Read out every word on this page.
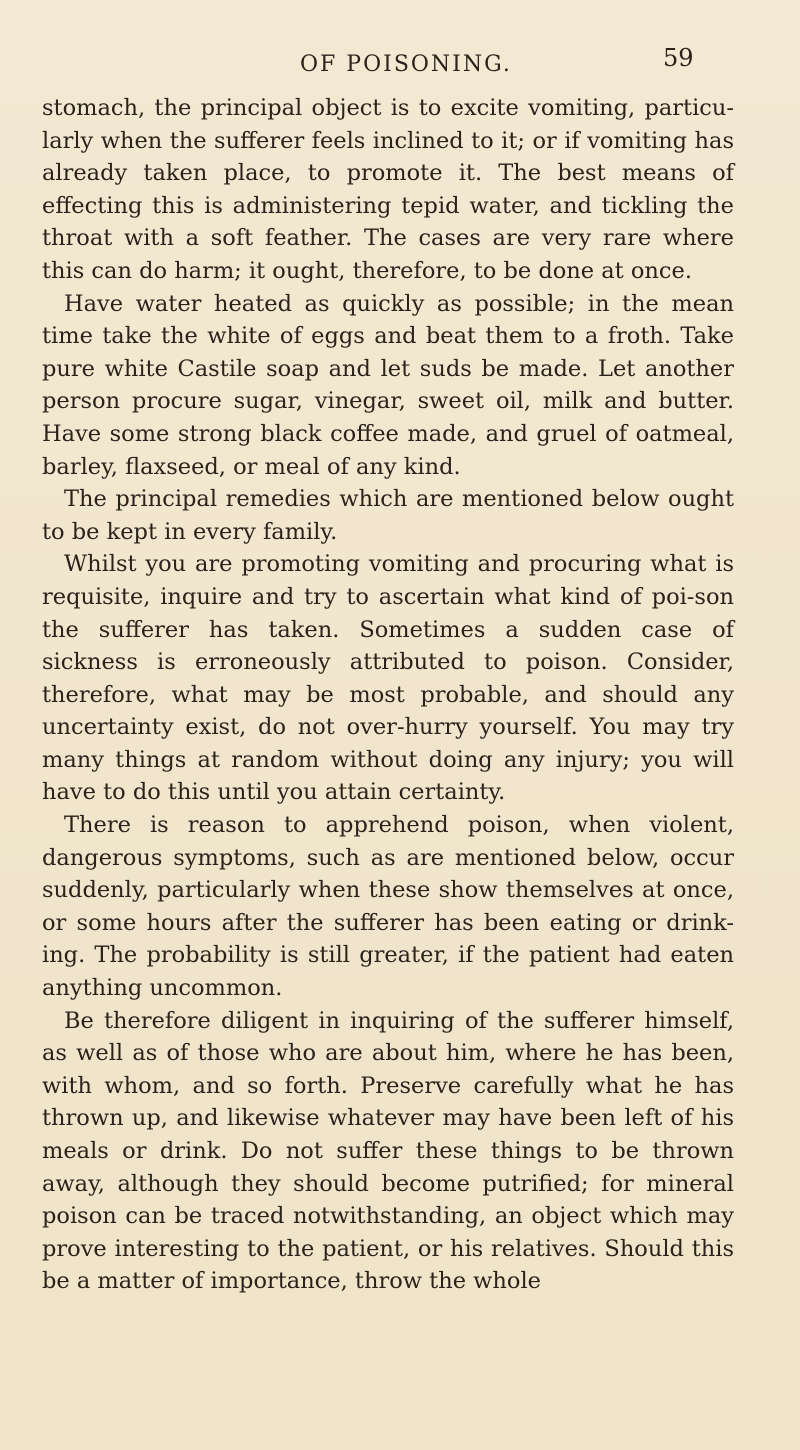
OF POISONING.	59

stomach, the principal object is to excite vomiting, particu-larly when the sufferer feels inclined to it; or if vomiting has already taken place, to promote it. The best means of effecting this is administering tepid water, and tickling the throat with a soft feather. The cases are very rare where this can do harm; it ought, therefore, to be done at once.

Have water heated as quickly as possible; in the mean time take the white of eggs and beat them to a froth. Take pure white Castile soap and let suds be made. Let another person procure sugar, vinegar, sweet oil, milk and butter. Have some strong black coffee made, and gruel of oatmeal, barley, flaxseed, or meal of any kind.

The principal remedies which are mentioned below ought to be kept in every family.

Whilst you are promoting vomiting and procuring what is requisite, inquire and try to ascertain what kind of poi-son the sufferer has taken. Sometimes a sudden case of sickness is erroneously attributed to poison. Consider, therefore, what may be most probable, and should any uncertainty exist, do not over-hurry yourself. You may try many things at random without doing any injury; you will have to do this until you attain certainty.

There is reason to apprehend poison, when violent, dangerous symptoms, such as are mentioned below, occur suddenly, particularly when these show themselves at once, or some hours after the sufferer has been eating or drink-ing. The probability is still greater, if the patient had eaten anything uncommon.

Be therefore diligent in inquiring of the sufferer himself, as well as of those who are about him, where he has been, with whom, and so forth. Preserve carefully what he has thrown up, and likewise whatever may have been left of his meals or drink. Do not suffer these things to be thrown away, although they should become putrified; for mineral poison can be traced notwithstanding, an object which may prove interesting to the patient, or his relatives. Should this be a matter of importance, throw the whole
